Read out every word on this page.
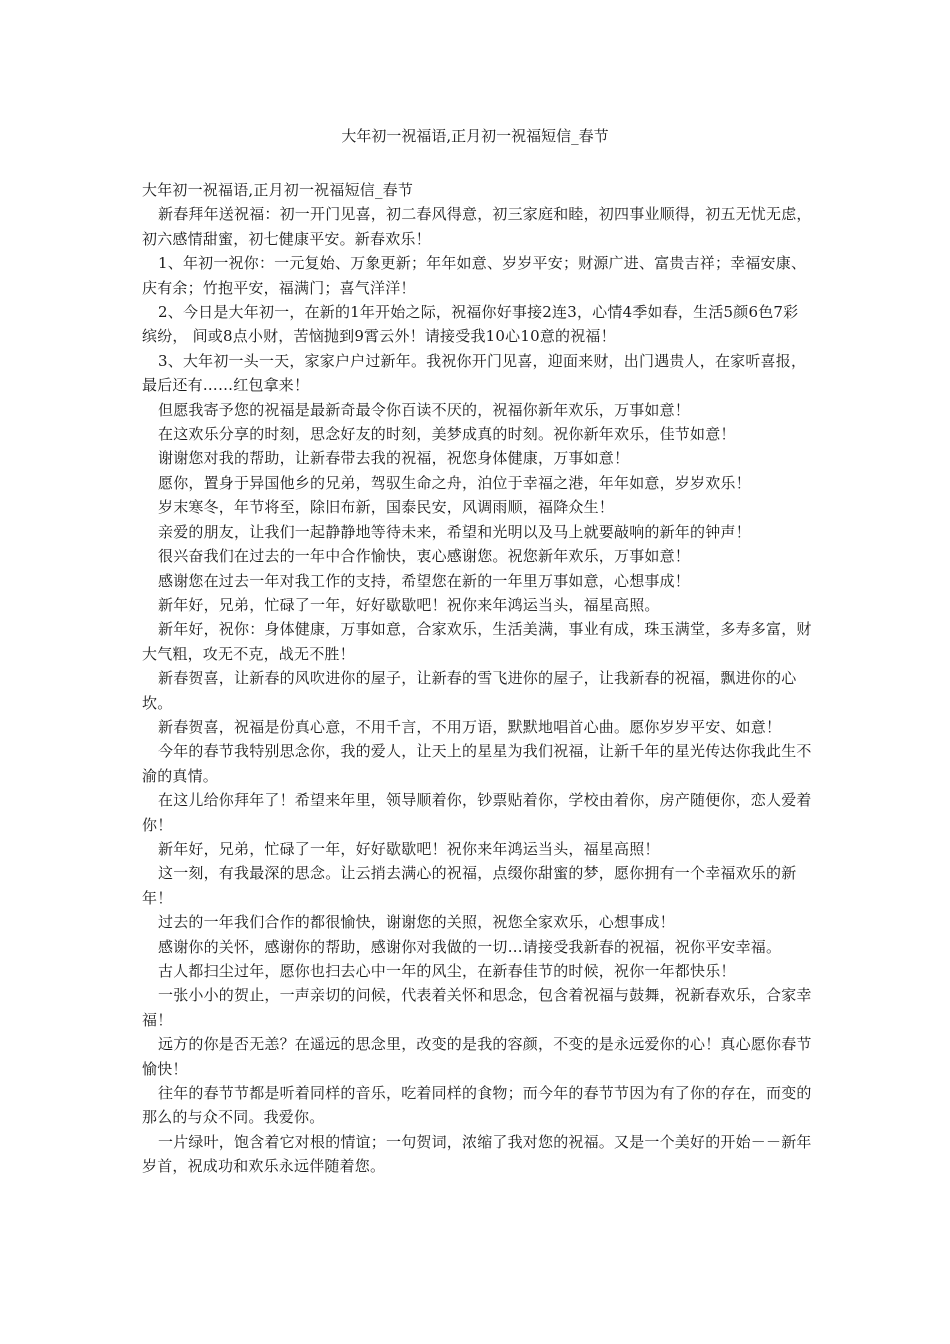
大年初一祝福语,正月初一祝福短信_春节

大年初一祝福语,正月初一祝福短信_春节

新春拜年送祝福：初一开门见喜，初二春风得意，初三家庭和睦，初四事业顺得，初五无忧无虑，初六感情甜蜜，初七健康平安。新春欢乐！

1、年初一祝你：一元复始、万象更新；年年如意、岁岁平安；财源广进、富贵吉祥；幸福安康、庆有余；竹抱平安，福满门；喜气洋洋！

2、今日是大年初一，在新的1年开始之际，祝福你好事接2连3，心情4季如春，生活5颜6色7彩缤纷， 间或8点小财，苦恼抛到9霄云外！请接受我10心10意的祝福！

3、大年初一头一天，家家户户过新年。我祝你开门见喜，迎面来财，出门遇贵人，在家听喜报，最后还有……红包拿来！

但愿我寄予您的祝福是最新奇最令你百读不厌的，祝福你新年欢乐，万事如意！

在这欢乐分享的时刻，思念好友的时刻，美梦成真的时刻。祝你新年欢乐，佳节如意！

谢谢您对我的帮助，让新春带去我的祝福，祝您身体健康，万事如意！

愿你，置身于异国他乡的兄弟，驾驭生命之舟，泊位于幸福之港，年年如意，岁岁欢乐！

岁末寒冬，年节将至，除旧布新，国泰民安，风调雨顺，福降众生！

亲爱的朋友，让我们一起静静地等待未来，希望和光明以及马上就要敲响的新年的钟声！

很兴奋我们在过去的一年中合作愉快，衷心感谢您。祝您新年欢乐，万事如意！

感谢您在过去一年对我工作的支持，希望您在新的一年里万事如意，心想事成！

新年好，兄弟，忙碌了一年，好好歇歇吧！祝你来年鸿运当头，福星高照。

新年好，祝你：身体健康，万事如意，合家欢乐，生活美满，事业有成，珠玉满堂，多寿多富，财大气粗，攻无不克，战无不胜！

新春贺喜，让新春的风吹进你的屋子，让新春的雪飞进你的屋子，让我新春的祝福，飘进你的心坎。

新春贺喜，祝福是份真心意，不用千言，不用万语，默默地唱首心曲。愿你岁岁平安、如意！

今年的春节我特别思念你，我的爱人，让天上的星星为我们祝福，让新千年的星光传达你我此生不渝的真情。

在这儿给你拜年了！希望来年里，领导顺着你，钞票贴着你，学校由着你，房产随便你，恋人爱着你！

新年好，兄弟，忙碌了一年，好好歇歇吧！祝你来年鸿运当头，福星高照！

这一刻，有我最深的思念。让云捎去满心的祝福，点缀你甜蜜的梦，愿你拥有一个幸福欢乐的新年！

过去的一年我们合作的都很愉快，谢谢您的关照，祝您全家欢乐，心想事成！

感谢你的关怀，感谢你的帮助，感谢你对我做的一切…请接受我新春的祝福，祝你平安幸福。

古人都扫尘过年，愿你也扫去心中一年的风尘，在新春佳节的时候，祝你一年都快乐！

一张小小的贺止，一声亲切的问候，代表着关怀和思念，包含着祝福与鼓舞，祝新春欢乐，合家幸福！

远方的你是否无恙？在遥远的思念里，改变的是我的容颜，不变的是永远爱你的心！真心愿你春节愉快！

往年的春节节都是听着同样的音乐，吃着同样的食物；而今年的春节节因为有了你的存在，而变的那么的与众不同。我爱你。

一片绿叶，饱含着它对根的情谊；一句贺词，浓缩了我对您的祝福。又是一个美好的开始－－新年岁首，祝成功和欢乐永远伴随着您。
